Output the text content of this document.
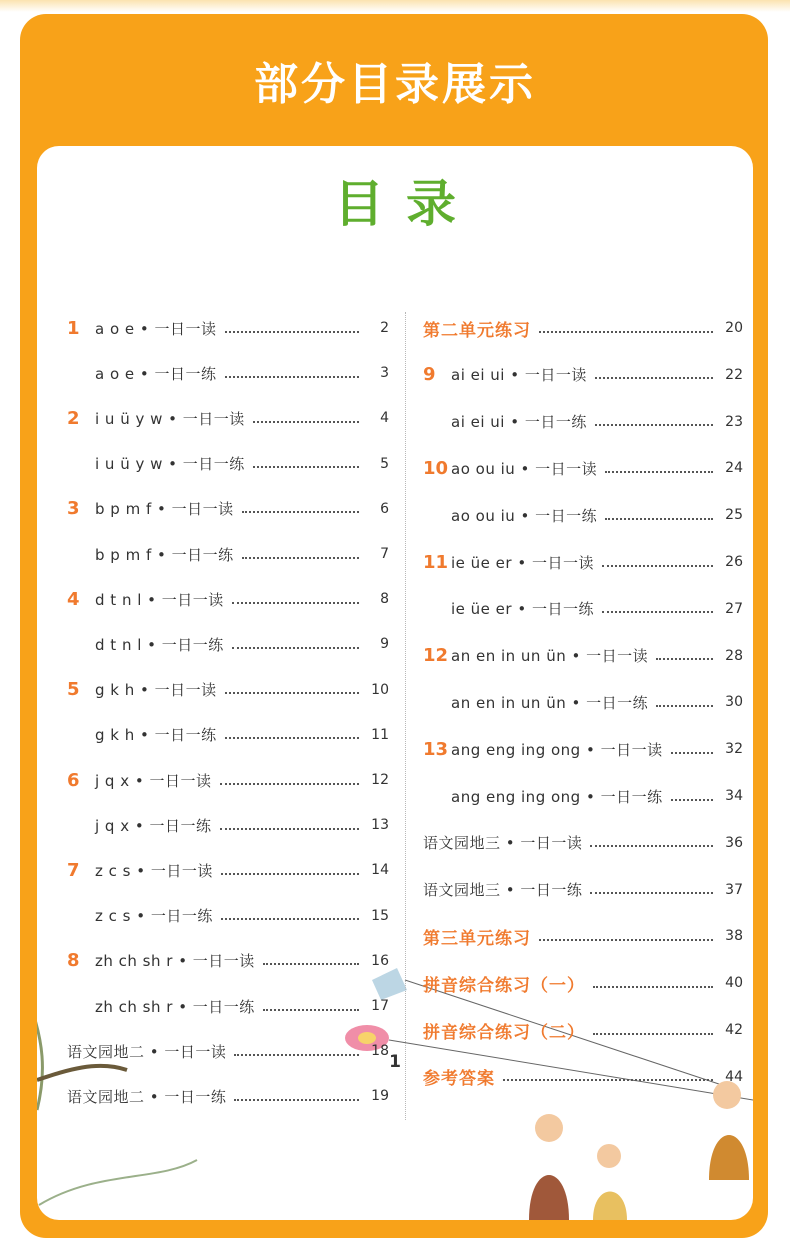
部分目录展示
目录
1	a o e • 一日一读	2
a o e • 一日一练	3
2	i u ü y w • 一日一读	4
i u ü y w • 一日一练	5
3	b p m f • 一日一读	6
b p m f • 一日一练	7
4	d t n l • 一日一读	8
d t n l • 一日一练	9
5	g k h • 一日一读	10
g k h • 一日一练	11
6	j q x • 一日一读	12
j q x • 一日一练	13
7	z c s • 一日一读	14
z c s • 一日一练	15
8	zh ch sh r • 一日一读	16
zh ch sh r • 一日一练	17
语文园地二 • 一日一读	18
语文园地二 • 一日一练	19
第二单元练习	20
9	ai ei ui • 一日一读	22
ai ei ui • 一日一练	23
10 ao ou iu • 一日一读	24
ao ou iu • 一日一练	25
11 ie üe er • 一日一读	26
ie üe er • 一日一练	27
12 an en in un ün • 一日一读	28
an en in un ün • 一日一练	30
13 ang eng ing ong • 一日一读	32
ang eng ing ong • 一日一练	34
语文园地三 • 一日一读	36
语文园地三 • 一日一练	37
第三单元练习	38
拼音综合练习（一）	40
拼音综合练习（二）	42
参考答案	44
1
